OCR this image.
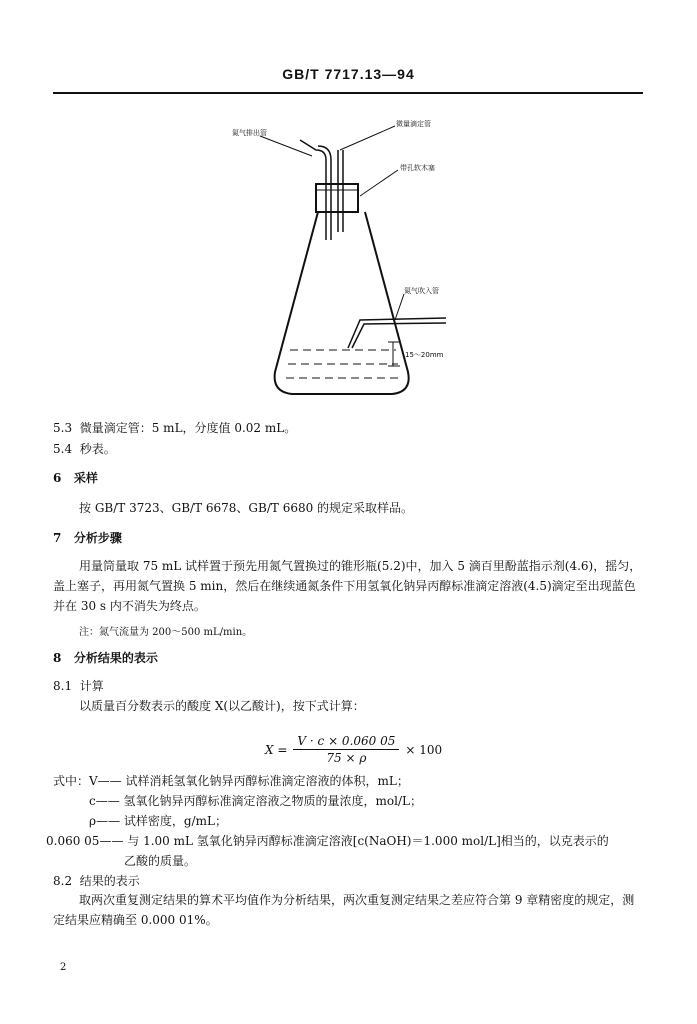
GB/T 7717.13—94
氮气排出管
微量滴定管
带孔软木塞
氮气吹入管
15～20mm
5.3 微量滴定管：5 mL，分度值 0.02 mL。
5.4 秒表。
6 采样
按 GB/T 3723、GB/T 6678、GB/T 6680 的规定采取样品。
7 分析步骤
用量筒量取 75 mL 试样置于预先用氮气置换过的锥形瓶(5.2)中，加入 5 滴百里酚蓝指示剂(4.6)，摇匀，盖上塞子，再用氮气置换 5 min，然后在继续通氮条件下用氢氧化钠异丙醇标准滴定溶液(4.5)滴定至出现蓝色并在 30 s 内不消失为终点。
注：氮气流量为 200～500 mL/min。
8 分析结果的表示
8.1 计算
以质量百分数表示的酸度 X(以乙酸计)，按下式计算：
$X = \frac{V \cdot c \times 0.060 05}{75 \times \rho} \times 100$
式中：V—— 试样消耗氢氧化钠异丙醇标准滴定溶液的体积，mL；
c—— 氢氧化钠异丙醇标准滴定溶液之物质的量浓度，mol/L；
ρ—— 试样密度，g/mL；
0.060 05—— 与 1.00 mL 氢氧化钠异丙醇标准滴定溶液[c(NaOH)＝1.000 mol/L]相当的，以克表示的
乙酸的质量。
8.2 结果的表示
取两次重复测定结果的算术平均值作为分析结果，两次重复测定结果之差应符合第 9 章精密度的规定，测定结果应精确至 0.000 01%。
2
